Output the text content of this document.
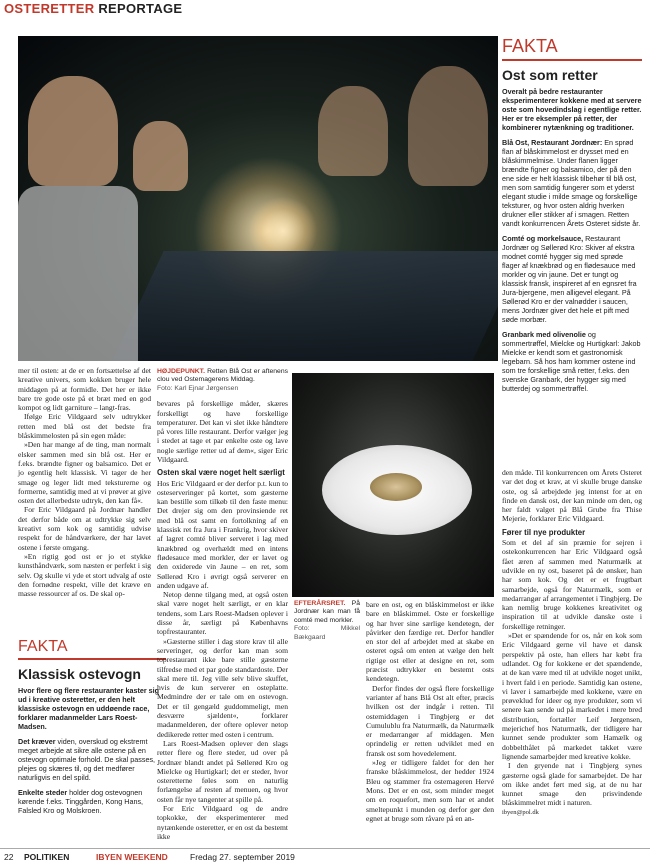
OSTERETTER REPORTAGE

mer til osten: at de er en fortsættelse af det kreative univers, som kokken bruger hele middagen på at formidle. Det her er ikke bare tre gode oste på et bræt med en god kompot og lidt garniture – langt-fras.

Ifølge Eric Vildgaard selv udtrykker retten med blå ost det bedste fra blåskimmelosten på sin egen måde:

»Den har mange af de ting, man normalt elsker sammen med sin blå ost. Her er f.eks. brændte figner og balsamico. Det er jo egentlig helt klassisk. Vi tager de her smage og leger lidt med teksturerne og formerne, samtidig med at vi prøver at give osten det allerbedste udtryk, den kan få«.

For Eric Vildgaard på Jordnær handler det derfor både om at udtrykke sig selv kreativt som kok og samtidig udvise respekt for de håndværkere, der har lavet ostene i første omgang.

»En rigtig god ost er jo et stykke kunsthåndværk, som næsten er perfekt i sig selv. Og skulle vi yde et stort udvalg af oste den fornødne respekt, ville det kræve en masse ressourcer af os. De skal op-

FAKTA
Klassisk ostevogn

Hvor flere og flere restauranter kaster sig ud i kreative osteretter, er den helt klassiske ostevogn en uddøende race, forklarer madanmelder Lars Roest-Madsen.

Det kræver viden, overskud og ekstremt meget arbejde at sikre alle ostene på en ostevogn optimale forhold. De skal passes, plejes og skæres til, og det medfører naturligvis en del spild.

Enkelte steder holder dog ostevognen kørende f.eks. Tinggården, Kong Hans, Falsled Kro og Molskroen.

HØJDEPUNKT. Retten Blå Ost er aftenens clou ved Ostemagerens Middag.
Foto: Karl Ejnar Jørgensen

bevares på forskellige måder, skæres forskelligt og have forskellige temperaturer. Det kan vi slet ikke håndtere på vores lille restaurant. Derfor vælger jeg i stedet at tage et par enkelte oste og lave nogle særlige retter ud af dem«, siger Eric Vildgaard.

Osten skal være noget helt særligt

Hos Eric Vildgaard er der derfor p.t. kun to osteserveringer på kortet, som gæsterne kan bestille som tilkøb til den faste menu: Det drejer sig om den provinsiende ret med blå ost samt en fortolkning af en klassisk ret fra Jura i Frankrig, hvor skiver af lagret comté bliver serveret i lag med knækbrød og overhældt med en intens flødesauce med morkler, der er lavet og den oxiderede vin Jaune – en ret, som Søllerød Kro i øvrigt også serverer en anden udgave af.

Netop denne tilgang med, at også osten skal være noget helt særligt, er en klar tendens, som Lars Roest-Madsen oplever i disse år, særligt på Københavns topfrestauranter.

»Gæsterne stiller i dag store krav til alle serveringer, og derfor kan man som toprestaurant ikke bare stille gæsterne tilfredse med et par gode standardoste. Der skal mere til. Jeg ville selv blive skuffet, hvis de kun serverer en osteplatte. Medmindre der er tale om en ostevogn. Det er til gengæld guddommeligt, men desværre sjældent«, forklarer madanmelderen, der oftere oplever netop dedikerede retter med osten i centrum.

Lars Roest-Madsen oplever den slags retter flere og flere steder, ud over på Jordnær blandt andet på Søllerød Kro og Mielcke og Hurtigkarl; det er steder, hvor osteretterne føles som en naturlig forlængelse af resten af menuen, og hvor osten får nye tangenter at spille på.

For Eric Vildgaard og de andre topkokke, der eksperimenterer med nytænkende osteretter, er en ost da bestemt ikke

EFTERÅRSRET. På Jordnær kan man få comté med morkler.
Foto: Mikkel Bækgaard

bare en ost, og en blåskimmelost er ikke bare en blåskimmel. Oste er forskellige og har hver sine særlige kendetegn, der påvirker den færdige ret. Derfor handler en stor del af arbejdet med at skabe en osteret også om enten at vælge den helt rigtige ost eller at designe en ret, som præcist udtrykker en bestemt osts kendetegn.

Derfor findes der også flere forskellige varianter af hans Blå Ost alt efter, præcis hvilken ost der indgår i retten. Til ostemiddagen i Tingbjerg er det Cumulublu fra Naturmælk, da Naturmælk er medarrangør af middagen. Men oprindelig er retten udviklet med en fransk ost som hovedelement.

»Jeg er tidligere faldet for den her franske blåskimmelost, der hedder 1924 Bleu og stammer fra ostemageren Hervé Mons. Det er en ost, som minder meget om en roquefort, men som har et andet smeltepunkt i munden og derfor gør den egnet at bruge som råvare på en an-

FAKTA
Ost som retter

Overalt på bedre restauranter eksperimenterer kokkene med at servere oste som hovedindslag i egentlige retter. Her er tre eksempler på retter, der kombinerer nytænkning og traditioner.

Blå Ost, Restaurant Jordnær: En sprød flan af blåskimmelost er drysset med en blåskimmelmise. Under flanen ligger brændte figner og balsamico, der på den ene side er helt klassisk tilbehør til blå ost, men som samtidig fungerer som et yderst elegant studie i milde smage og forskellige teksturer, og hvor osten aldrig hverken drukner eller stikker af i smagen. Retten vandt konkurrencen Årets Osteret sidste år.

Comté og morkelsauce, Restaurant Jordnær og Søllerød Kro: Skiver af ekstra modnet comté hygger sig med sprøde flager af knækbrød og en flødesauce med morkler og vin jaune. Det er tungt og klassisk fransk, inspireret af en egnsret fra Jura-bjergene, men alligevel elegant. På Søllerød Kro er der valnødder i saucen, mens Jordnær giver det hele et pift med søde morbær.

Granbark med olivenolie og sommertrøffel, Mielcke og Hurtigkarl: Jakob Mielcke er kendt som et gastronomisk legebarn. Så hos ham kommer ostene ind som tre forskellige små retter, f.eks. den svenske Granbark, der hygger sig med butterdej og sommertrøffel.

den måde. Til konkurrencen om Årets Osteret var det dog et krav, at vi skulle bruge danske oste, og så arbejdede jeg intenst for at en finde en dansk ost, der kan minde om den, og her faldt valget på Blå Grube fra Thise Mejerie, forklarer Eric Vildgaard.

Fører til nye produkter

Som et del af sin præmie for sejren i ostekonkurrencen har Eric Vildgaard også fået æren af sammen med Naturmælk at udvikle en ny ost, baseret på de ønsker, han har som kok. Og det er et frugtbart samarbejde, også for Naturmælk, som er medarrangør af arrangementet i Tingbjerg. De kan nemlig bruge kokkenes kreativitet og inspiration til at udvikle danske oste i forskellige retninger.

»Det er spændende for os, når en kok som Eric Vildgaard gerne vil have et dansk perspektiv på oste, han ellers har købt fra udlandet. Og for kokkene er det spændende, at de kan være med til at udvikle noget unikt, i hvert fald i en periode. Samtidig kan ostene, vi laver i samarbejde med kokkene, være en prøveklud for ideer og nye produkter, som vi senere kan sende ud på markedet i mere bred distribution, fortæller Leif Jørgensen, mejerichef hos Naturmælk, der tidligere har kunnet sende produkter som Hamælk og dobbelthålet på markedet takket være lignende samarbejder med kreative kokke.

I den gryende nat i Tingbjerg synes gæsterne også glade for samarbejdet. De har om ikke andet ført med sig, at de nu har kunnet smage den prisvindende blåskimmelret midt i naturen.

ibyen@pol.dk

22 POLITIKEN	IBYEN WEEKEND	Fredag 27. september 2019
